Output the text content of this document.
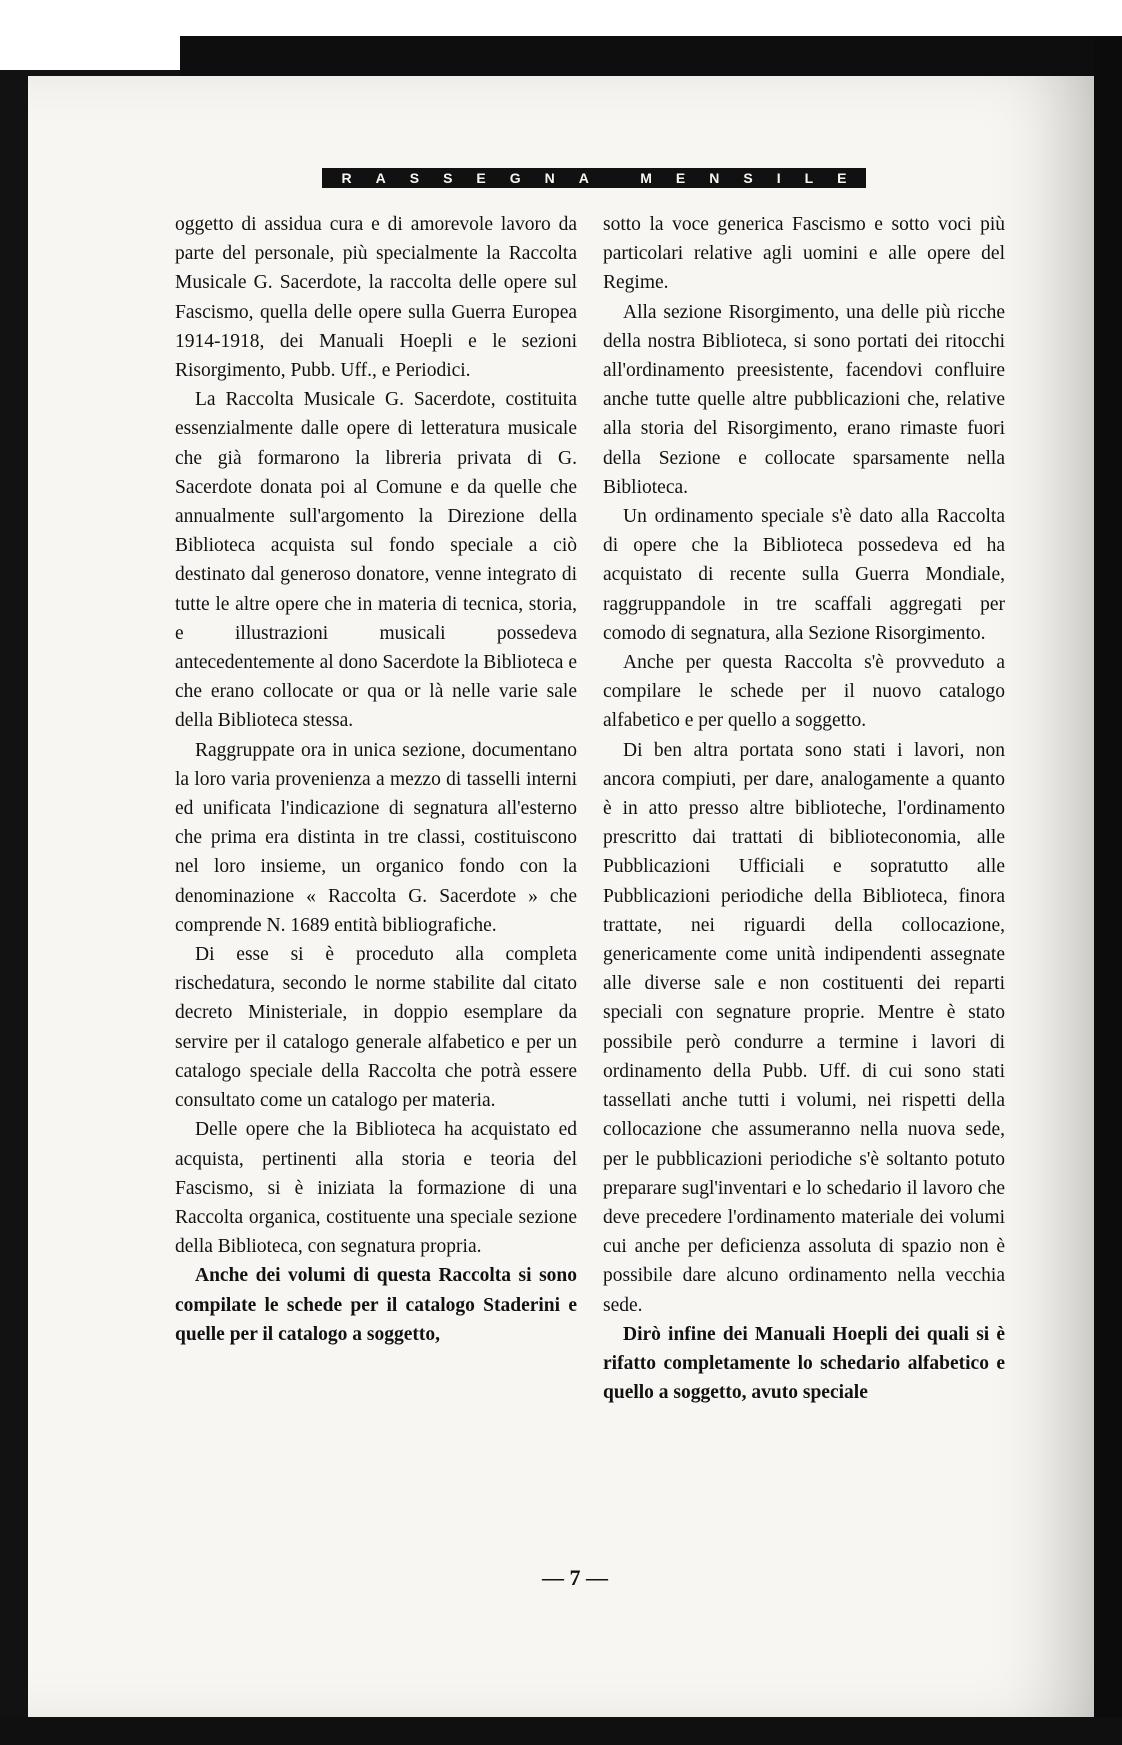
RASSEGNA MENSILE

oggetto di assidua cura e di amorevole lavoro da parte del personale, più specialmente la Raccolta Musicale G. Sacerdote, la raccolta delle opere sul Fascismo, quella delle opere sulla Guerra Europea 1914-1918, dei Manuali Hoepli e le sezioni Risorgimento, Pubb. Uff., e Periodici.

La Raccolta Musicale G. Sacerdote, costituita essenzialmente dalle opere di letteratura musicale che già formarono la libreria privata di G. Sacerdote donata poi al Comune e da quelle che annualmente sull'argomento la Direzione della Biblioteca acquista sul fondo speciale a ciò destinato dal generoso donatore, venne integrato di tutte le altre opere che in materia di tecnica, storia, e illustrazioni musicali possedeva antecedentemente al dono Sacerdote la Biblioteca e che erano collocate or qua or là nelle varie sale della Biblioteca stessa.

Raggruppate ora in unica sezione, documentano la loro varia provenienza a mezzo di tasselli interni ed unificata l'indicazione di segnatura all'esterno che prima era distinta in tre classi, costituiscono nel loro insieme, un organico fondo con la denominazione « Raccolta G. Sacerdote » che comprende N. 1689 entità bibliografiche.

Di esse si è proceduto alla completa rischedatura, secondo le norme stabilite dal citato decreto Ministeriale, in doppio esemplare da servire per il catalogo generale alfabetico e per un catalogo speciale della Raccolta che potrà essere consultato come un catalogo per materia.

Delle opere che la Biblioteca ha acquistato ed acquista, pertinenti alla storia e teoria del Fascismo, si è iniziata la formazione di una Raccolta organica, costituente una speciale sezione della Biblioteca, con segnatura propria.

Anche dei volumi di questa Raccolta si sono compilate le schede per il catalogo Staderini e quelle per il catalogo a soggetto,

sotto la voce generica Fascismo e sotto voci più particolari relative agli uomini e alle opere del Regime.

Alla sezione Risorgimento, una delle più ricche della nostra Biblioteca, si sono portati dei ritocchi all'ordinamento preesistente, facendovi confluire anche tutte quelle altre pubblicazioni che, relative alla storia del Risorgimento, erano rimaste fuori della Sezione e collocate sparsamente nella Biblioteca.

Un ordinamento speciale s'è dato alla Raccolta di opere che la Biblioteca possedeva ed ha acquistato di recente sulla Guerra Mondiale, raggruppandole in tre scaffali aggregati per comodo di segnatura, alla Sezione Risorgimento.

Anche per questa Raccolta s'è provveduto a compilare le schede per il nuovo catalogo alfabetico e per quello a soggetto.

Di ben altra portata sono stati i lavori, non ancora compiuti, per dare, analogamente a quanto è in atto presso altre biblioteche, l'ordinamento prescritto dai trattati di biblioteconomia, alle Pubblicazioni Ufficiali e sopratutto alle Pubblicazioni periodiche della Biblioteca, finora trattate, nei riguardi della collocazione, genericamente come unità indipendenti assegnate alle diverse sale e non costituenti dei reparti speciali con segnature proprie. Mentre è stato possibile però condurre a termine i lavori di ordinamento della Pubb. Uff. di cui sono stati tassellati anche tutti i volumi, nei rispetti della collocazione che assumeranno nella nuova sede, per le pubblicazioni periodiche s'è soltanto potuto preparare sugl'inventari e lo schedario il lavoro che deve precedere l'ordinamento materiale dei volumi cui anche per deficienza assoluta di spazio non è possibile dare alcuno ordinamento nella vecchia sede.

Dirò infine dei Manuali Hoepli dei quali si è rifatto completamente lo schedario alfabetico e quello a soggetto, avuto speciale

— 7 —
